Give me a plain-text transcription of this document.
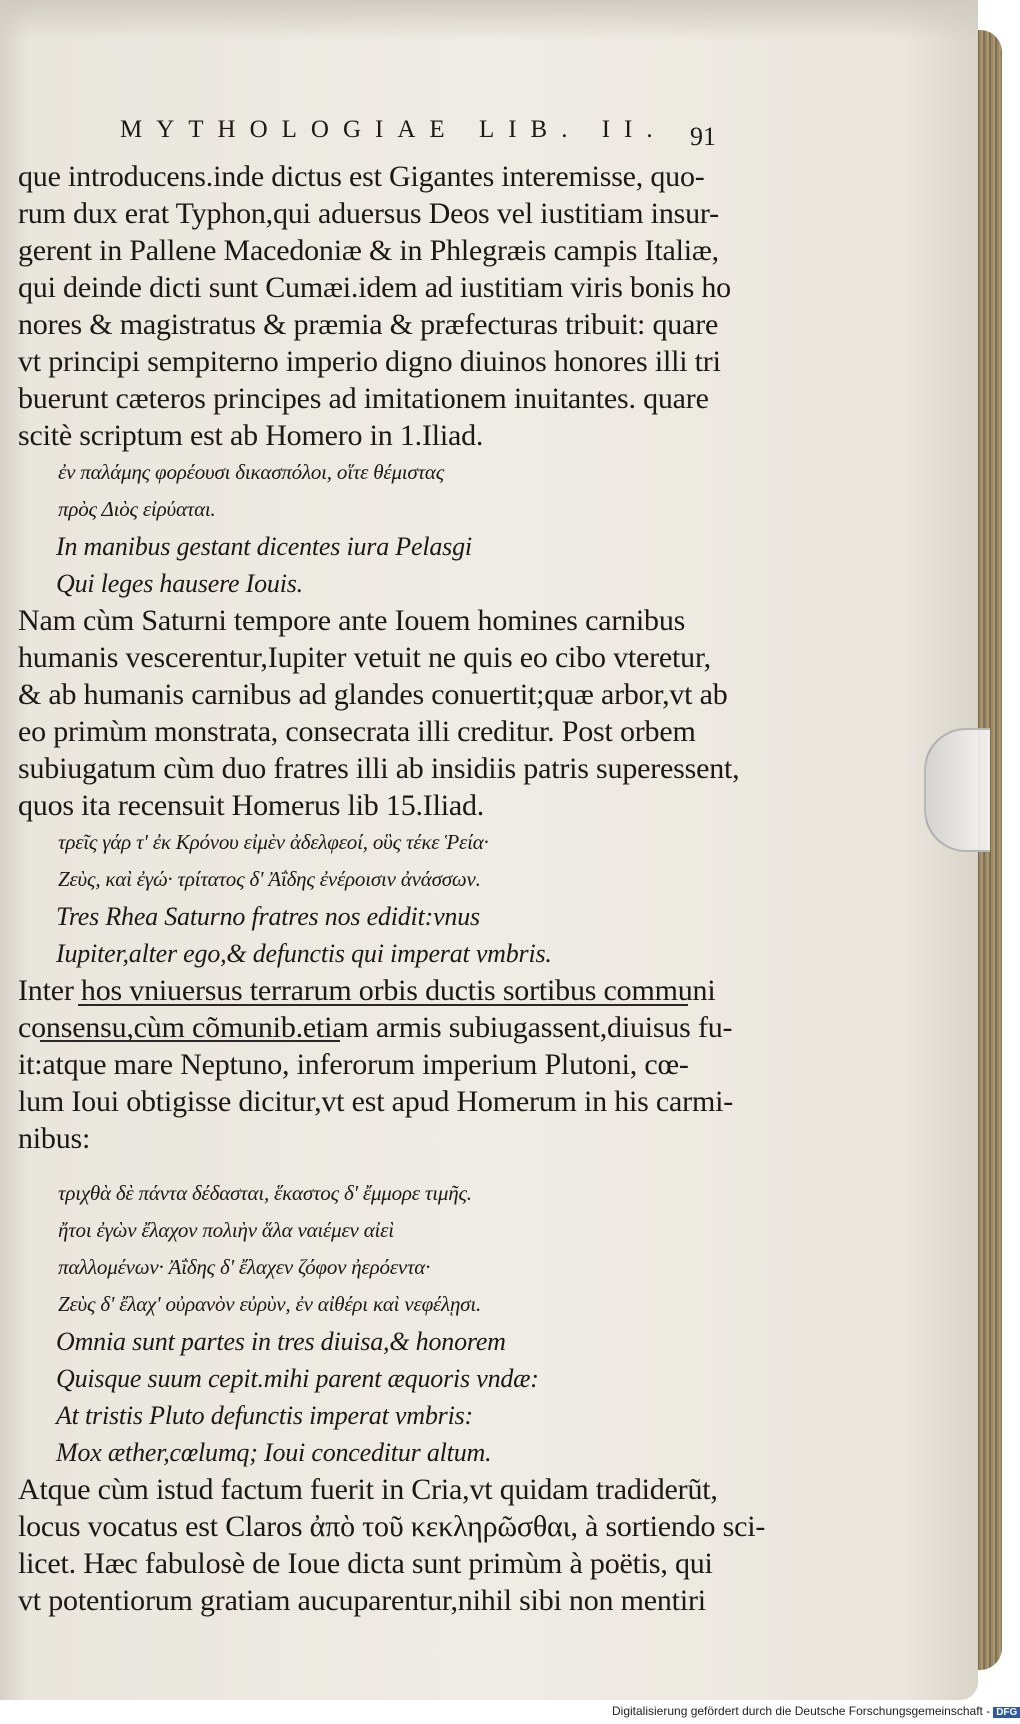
MYTHOLOGIAE LIB. II. 91
que introducens.inde dictus est Gigantes interemisse, quo-
rum dux erat Typhon,qui aduersus Deos vel iustitiam insur-
gerent in Pallene Macedoniæ & in Phlegræis campis Italiæ,
qui deinde dicti sunt Cumæi.idem ad iustitiam viris bonis ho
nores & magistratus & præmia & præfecturas tribuit: quare
vt principi sempiterno imperio digno diuinos honores illi tri
buerunt cæteros principes ad imitationem inuitantes. quare
scitè scriptum est ab Homero in 1.Iliad.
ἐν παλάμης φορέουσι δικασπόλοι, οἵτε θέμιστας
πρὸς Διὸς εἰρύαται.
In manibus gestant dicentes iura Pelasgi
Qui leges hausere Iouis.
Nam cùm Saturni tempore ante Iouem homines carnibus
humanis vescerentur,Iupiter vetuit ne quis eo cibo vteretur,
& ab humanis carnibus ad glandes conuertit;quæ arbor,vt ab
eo primùm monstrata, consecrata illi creditur. Post orbem
subiugatum cùm duo fratres illi ab insidiis patris superessent,
quos ita recensuit Homerus lib 15.Iliad.
τρεῖς γάρ τ' ἐκ Κρόνου εἰμὲν ἀδελφεοί, οὓς τέκε Ῥεία·
Ζεὺς, καὶ ἐγώ· τρίτατος δ' Ἀΐδης ἐνέροισιν ἀνάσσων.
Tres Rhea Saturno fratres nos edidit:vnus
Iupiter,alter ego,& defunctis qui imperat vmbris.
Inter hos vniuersus terrarum orbis ductis sortibus communi
consensu,cùm cõmunib.etiam armis subiugassent,diuisus fu-
it:atque mare Neptuno, inferorum imperium Plutoni, cœ-
lum Ioui obtigisse dicitur,vt est apud Homerum in his carmi-
nibus:
τριχθὰ δὲ πάντα δέδασται, ἕκαστος δ' ἔμμορε τιμῆς.
ἤτοι ἐγὼν ἔλαχον πολιὴν ἅλα ναιέμεν αἰεὶ
παλλομένων· Ἀΐδης δ' ἔλαχεν ζόφον ἠερόεντα·
Ζεὺς δ' ἔλαχ' οὐρανὸν εὐρὺν, ἐν αἰθέρι καὶ νεφέλῃσι.
Omnia sunt partes in tres diuisa,& honorem
Quisque suum cepit.mihi parent æquoris vndæ:
At tristis Pluto defunctis imperat vmbris:
Mox æther,cœlumq; Ioui conceditur altum.
Atque cùm istud factum fuerit in Cria,vt quidam tradiderũt,
locus vocatus est Claros ἀπὸ τοῦ κεκληρῶσθαι, à sortiendo sci-
licet. Hæc fabulosè de Ioue dicta sunt primùm à poëtis, qui
vt potentiorum gratiam aucuparentur,nihil sibi non mentiri
Digitalisierung gefördert durch die Deutsche Forschungsgemeinschaft - DFG
